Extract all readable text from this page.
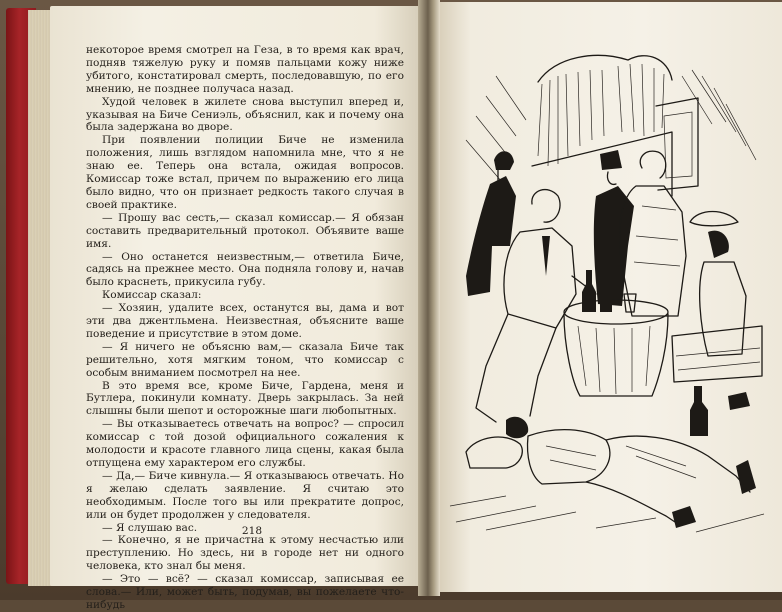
некоторое время смотрел на Геза, в то время как врач, подняв тяжелую руку и помяв пальцами кожу ниже убитого, констатировал смерть, последовавшую, по его мнению, не позднее получаса назад.

Худой человек в жилете снова выступил вперед и, указывая на Биче Сениэль, объяснил, как и почему она была задержана во дворе.

При появлении полиции Биче не изменила положения, лишь взглядом напомнила мне, что я не знаю ее. Теперь она встала, ожидая вопросов. Комиссар тоже встал, причем по выражению его лица было видно, что он признает редкость такого случая в своей практике.

— Прошу вас сесть,— сказал комиссар.— Я обязан составить предварительный протокол. Объявите ваше имя.

— Оно останется неизвестным,— ответила Биче, садясь на прежнее место. Она подняла голову и, начав было краснеть, прикусила губу.

Комиссар сказал:

— Хозяин, удалите всех, останутся вы, дама и вот эти два джентльмена. Неизвестная, объясните ваше поведение и присутствие в этом доме.

— Я ничего не объясню вам,— сказала Биче так решительно, хотя мягким тоном, что комиссар с особым вниманием посмотрел на нее.

В это время все, кроме Биче, Гардена, меня и Бутлера, покинули комнату. Дверь закрылась. За ней слышны были шепот и осторожные шаги любопытных.

— Вы отказываетесь отвечать на вопрос? — спросил комиссар с той дозой официального сожаления к молодости и красоте главного лица сцены, какая была отпущена ему характером его службы.

— Да,— Биче кивнула.— Я отказываюсь отвечать. Но я желаю сделать заявление. Я считаю это необходимым. После того вы или прекратите допрос, или он будет продолжен у следователя.

— Я слушаю вас.

— Конечно, я не причастна к этому несчастью или преступлению. Но здесь, ни в городе нет ни одного человека, кто знал бы меня.

— Это — всё? — сказал комиссар, записывая ее слова.— Или, может быть, подумав, вы пожелаете что-нибудь

218
